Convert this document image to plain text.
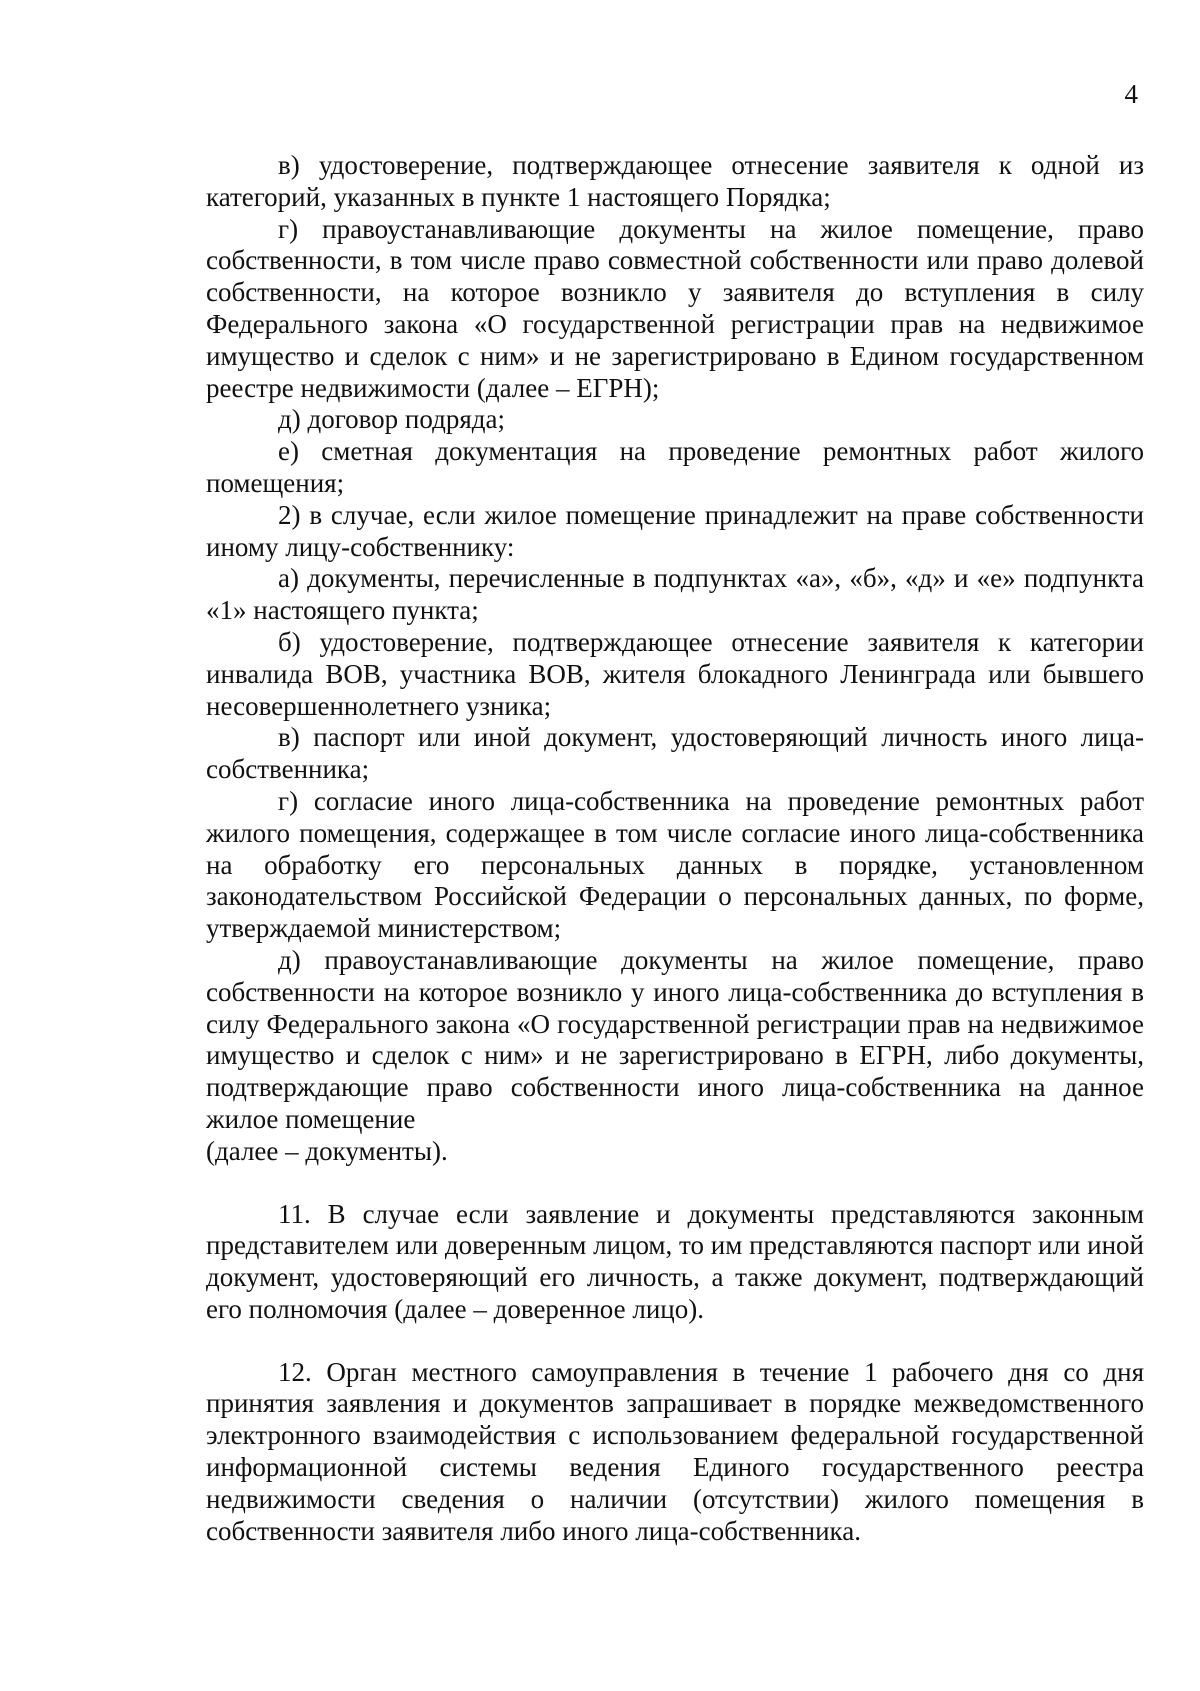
4

в) удостоверение, подтверждающее отнесение заявителя к одной из категорий, указанных в пункте 1 настоящего Порядка;

г) правоустанавливающие документы на жилое помещение, право собственности, в том числе право совместной собственности или право долевой собственности, на которое возникло у заявителя до вступления в силу Федерального закона «О государственной регистрации прав на недвижимое имущество и сделок с ним» и не зарегистрировано в Едином государственном реестре недвижимости (далее – ЕГРН);

д) договор подряда;

е) сметная документация на проведение ремонтных работ жилого помещения;

2) в случае, если жилое помещение принадлежит на праве собственности иному лицу-собственнику:

а) документы, перечисленные в подпунктах «а», «б», «д» и «е» подпункта «1» настоящего пункта;

б) удостоверение, подтверждающее отнесение заявителя к категории инвалида ВОВ, участника ВОВ, жителя блокадного Ленинграда или бывшего несовершеннолетнего узника;

в) паспорт или иной документ, удостоверяющий личность иного лица-собственника;

г) согласие иного лица-собственника на проведение ремонтных работ жилого помещения, содержащее в том числе согласие иного лица-собственника на обработку его персональных данных в порядке, установленном законодательством Российской Федерации о персональных данных, по форме, утверждаемой министерством;

д) правоустанавливающие документы на жилое помещение, право собственности на которое возникло у иного лица-собственника до вступления в силу Федерального закона «О государственной регистрации прав на недвижимое имущество и сделок с ним» и не зарегистрировано в ЕГРН, либо документы, подтверждающие право собственности иного лица-собственника на данное жилое помещение

(далее – документы).

11. В случае если заявление и документы представляются законным представителем или доверенным лицом, то им представляются паспорт или иной документ, удостоверяющий его личность, а также документ, подтверждающий его полномочия (далее – доверенное лицо).

12. Орган местного самоуправления в течение 1 рабочего дня со дня принятия заявления и документов запрашивает в порядке межведомственного электронного взаимодействия с использованием федеральной государственной информационной системы ведения Единого государственного реестра недвижимости сведения о наличии (отсутствии) жилого помещения в собственности заявителя либо иного лица-собственника.
